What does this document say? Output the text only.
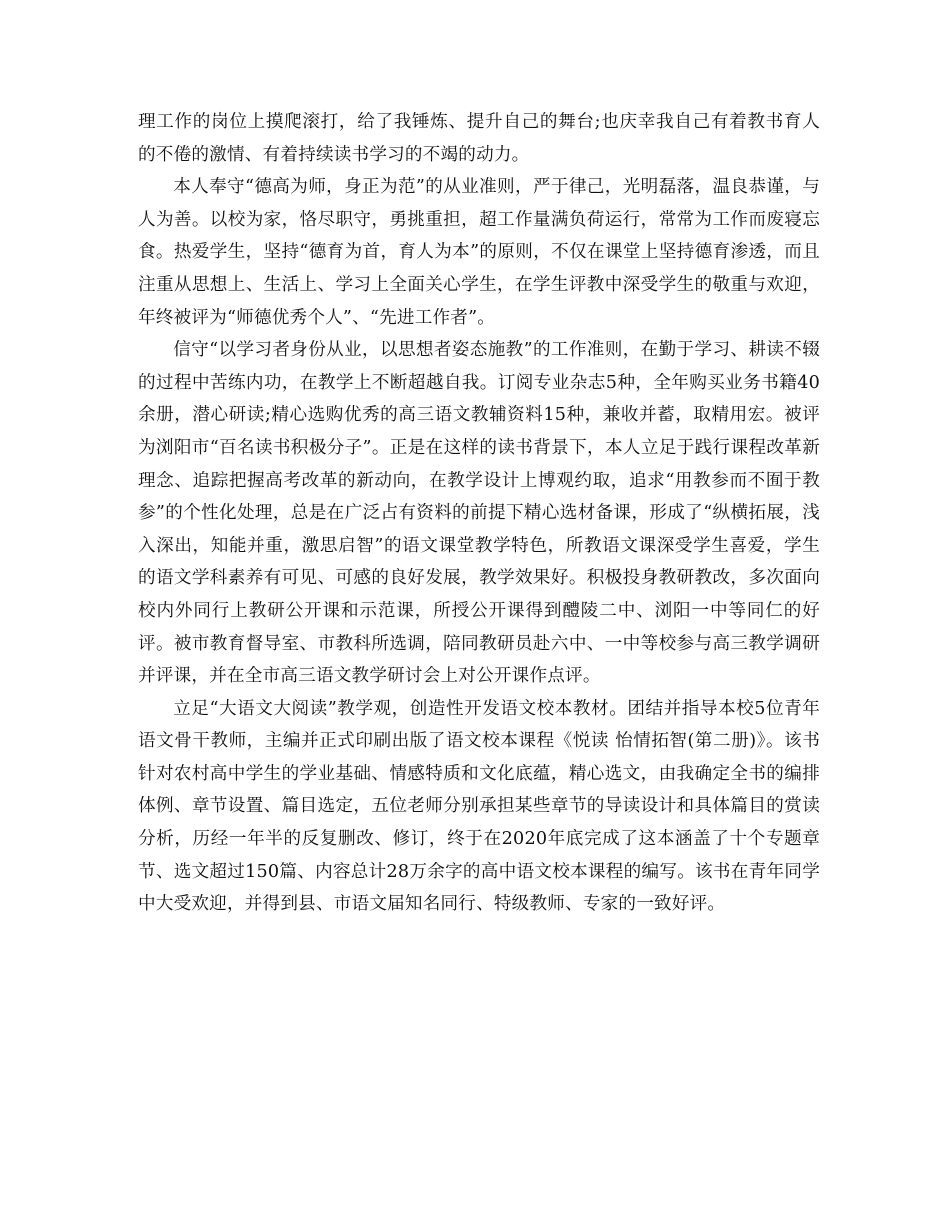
理工作的岗位上摸爬滚打，给了我锤炼、提升自己的舞台;也庆幸我自己有着教书育人的不倦的激情、有着持续读书学习的不竭的动力。

本人奉守“德高为师，身正为范”的从业准则，严于律己，光明磊落，温良恭谨，与人为善。以校为家，恪尽职守，勇挑重担，超工作量满负荷运行，常常为工作而废寝忘食。热爱学生，坚持“德育为首，育人为本”的原则，不仅在课堂上坚持德育渗透，而且注重从思想上、生活上、学习上全面关心学生，在学生评教中深受学生的敬重与欢迎，年终被评为“师德优秀个人”、“先进工作者”。

信守“以学习者身份从业，以思想者姿态施教”的工作准则，在勤于学习、耕读不辍的过程中苦练内功，在教学上不断超越自我。订阅专业杂志5种，全年购买业务书籍40余册，潜心研读;精心选购优秀的高三语文教辅资料15种，兼收并蓄，取精用宏。被评为浏阳市“百名读书积极分子”。正是在这样的读书背景下，本人立足于践行课程改革新理念、追踪把握高考改革的新动向，在教学设计上博观约取，追求“用教参而不囿于教参”的个性化处理，总是在广泛占有资料的前提下精心选材备课，形成了“纵横拓展，浅入深出，知能并重，激思启智”的语文课堂教学特色，所教语文课深受学生喜爱，学生的语文学科素养有可见、可感的良好发展，教学效果好。积极投身教研教改，多次面向校内外同行上教研公开课和示范课，所授公开课得到醴陵二中、浏阳一中等同仁的好评。被市教育督导室、市教科所选调，陪同教研员赴六中、一中等校参与高三教学调研并评课，并在全市高三语文教学研讨会上对公开课作点评。

立足“大语文大阅读”教学观，创造性开发语文校本教材。团结并指导本校5位青年语文骨干教师，主编并正式印刷出版了语文校本课程《悦读 怡情拓智(第二册)》。该书针对农村高中学生的学业基础、情感特质和文化底蕴，精心选文，由我确定全书的编排体例、章节设置、篇目选定，五位老师分别承担某些章节的导读设计和具体篇目的赏读分析，历经一年半的反复删改、修订，终于在2020年底完成了这本涵盖了十个专题章节、选文超过150篇、内容总计28万余字的高中语文校本课程的编写。该书在青年同学中大受欢迎，并得到县、市语文届知名同行、特级教师、专家的一致好评。
